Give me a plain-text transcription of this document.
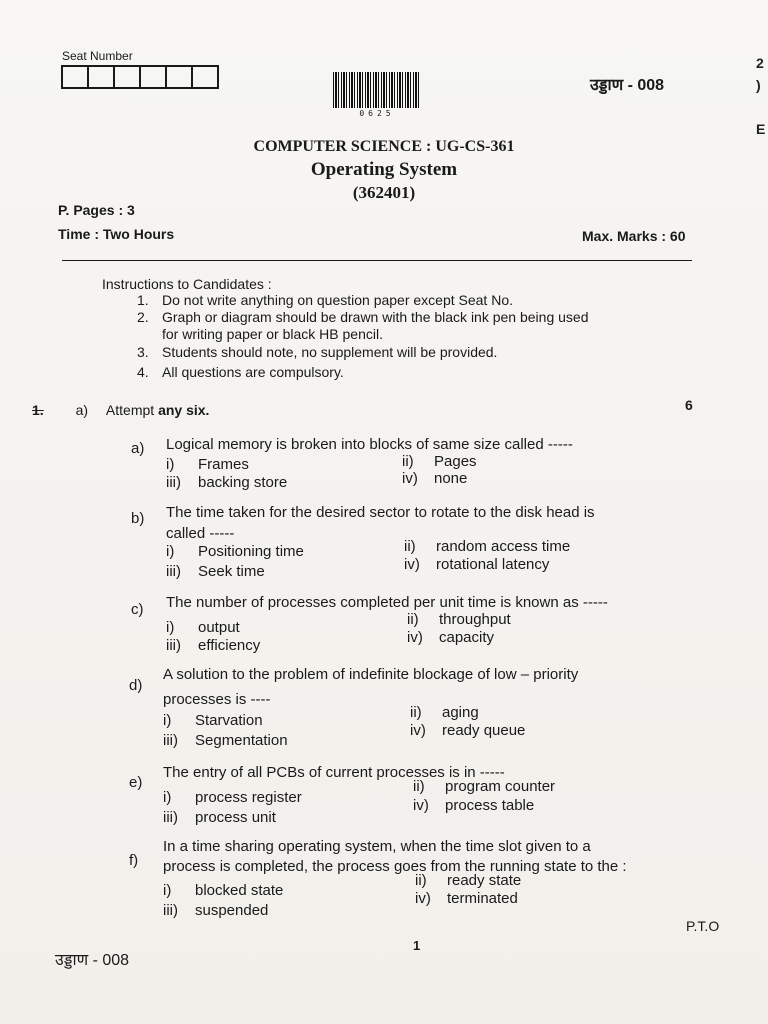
Seat Number
0625
उड्डाण - 008
2
)

E
COMPUTER SCIENCE : UG-CS-361
Operating System
(362401)
P. Pages : 3
Time : Two Hours	Max. Marks : 60
Instructions to Candidates :
1. Do not write anything on question paper except Seat No.
2. Graph or diagram should be drawn with the black ink pen being used
for writing paper or black HB pencil.
3. Students should note, no supplement will be provided.
4. All questions are compulsory.
1. a) Attempt any six.	6
a) Logical memory is broken into blocks of same size called -----
i) Frames	ii) Pages
iii) backing store	iv) none
b) The time taken for the desired sector to rotate to the disk head is
called -----
i) Positioning time	ii) random access time
iii) Seek time	iv) rotational latency
c) The number of processes completed per unit time is known as -----
i) output	ii) throughput
iii) efficiency	iv) capacity
d)
A solution to the problem of indefinite blockage of low – priority
processes is ----
i) Starvation	ii) aging
iii) Segmentation
iv) ready queue
e)
The entry of all PCBs of current processes is in -----
i) process register
ii) program counter
iii) process unit
iv) process table
f)
In a time sharing operating system, when the time slot given to a
process is completed, the process goes from the running state to the :
i) blocked state
ii) ready state
iii) suspended
iv) terminated
P.T.O
उड्डाण - 008
1
